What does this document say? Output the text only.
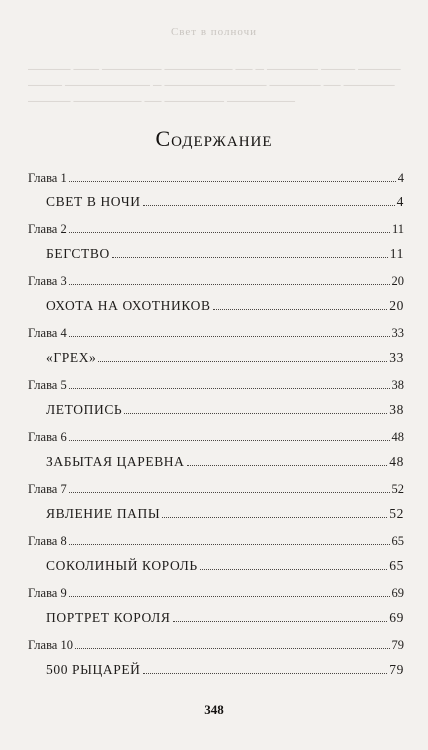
Свет в полночи
───── ─── ─────── ──────── ── ─ ────── ──── ─────
──── ────────── ─ ──────────── ────── ── ──────
───── ──────── ── ─────── ────────
Содержание
Глава 1	4
СВЕТ В НОЧИ	4
Глава 2	11
БЕГСТВО	11
Глава 3	20
ОХОТА НА ОХОТНИКОВ	20
Глава 4	33
«ГРЕХ»	33
Глава 5	38
ЛЕТОПИСЬ	38
Глава 6	48
ЗАБЫТАЯ ЦАРЕВНА	48
Глава 7	52
ЯВЛЕНИЕ ПАПЫ	52
Глава 8	65
СОКОЛИНЫЙ КОРОЛЬ	65
Глава 9	69
ПОРТРЕТ КОРОЛЯ	69
Глава 10	79
500 РЫЦАРЕЙ	79
348
